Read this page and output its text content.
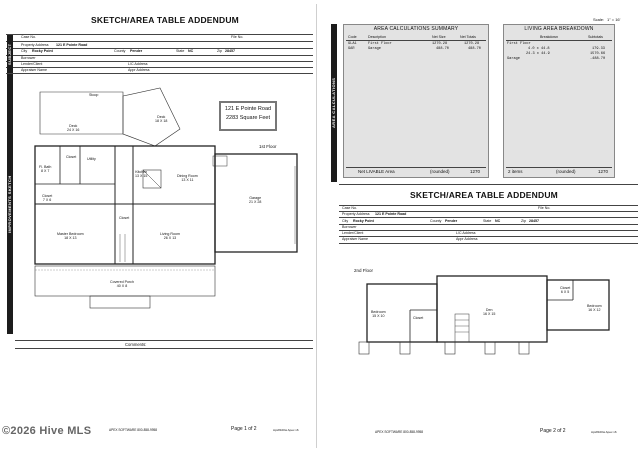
SKETCH/AREA TABLE ADDENDUM
Case No.	File No.
Property Address 121 E Pointe Road
City Rocky Point	County Pender	State NC	Zip 28457
Borrower
Lender/Client	L/C Address
Appraiser Name	Appr Address
SUBJECT
IMPROVEMENTS SKETCH
121 E Pointe Road
2283 Square Feet
1st Floor
Deck
24 X 16
Stoop
Deck
18 X 18
Fl. Bath
8 X 7
Closet	Utility
Closet
7 X 6
Kitchen
13 X 15	Dining Room
13 X 11
Garage
21 X 28
Master Bedroom
18 X 13
Closet
Living Room
26 X 13
Covered Porch
40 X 8
Comments:
APEX SOFTWARE 800-858-9958	Page 1 of 2	Apx8100w Apex v6
Scale: 1" = 16'
AREA CALCULATIONS
AREA CALCULATIONS SUMMARY
Code	Description	Net Size	Net Totals
GLA1	First Floor	1270.28	1270.28
GAR	Garage	488.70	488.70
Net LIVABLE Area	(rounded)	1270
LIVING AREA BREAKDOWN
Breakdown	Subtotals
First Floor
4.0 x 44.8	179.33
24.3 x 44.9	1570.66
Garage	-488.70
2 items	(rounded)	1270
SKETCH/AREA TABLE ADDENDUM
Case No.	File No.
Property Address 121 E Pointe Road
City Rocky Point	County Pender	State NC	Zip 28457
Borrower
Lender/Client	L/C Address
Appraiser Name	Appr Address
2nd Floor
Bedroom
15 X 10	Closet
Den
16 X 15
Closet
6 X 5
Bedroom
16 X 12
APEX SOFTWARE 800-858-9958	Page 2 of 2	Apx8100w Apex v6
©2026 Hive MLS
